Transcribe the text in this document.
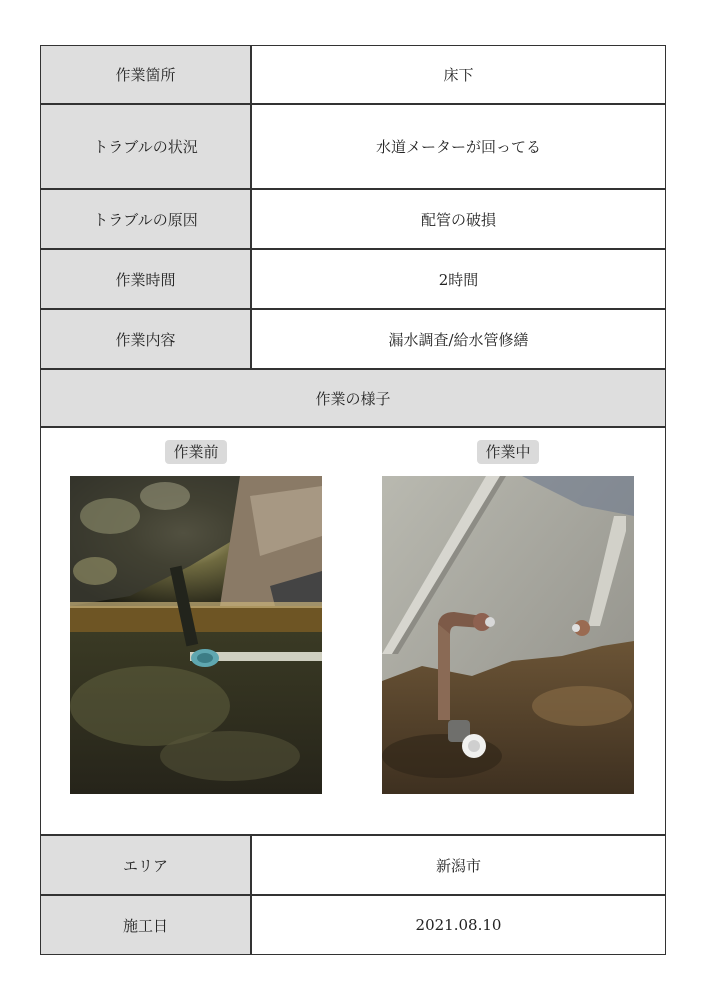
作業箇所	床下
トラブルの状況	水道メーターが回ってる
トラブルの原因	配管の破損
作業時間	2時間
作業内容	漏水調査/給水管修繕
作業の様子
作業前	作業中
エリア	新潟市
施工日	2021.08.10
